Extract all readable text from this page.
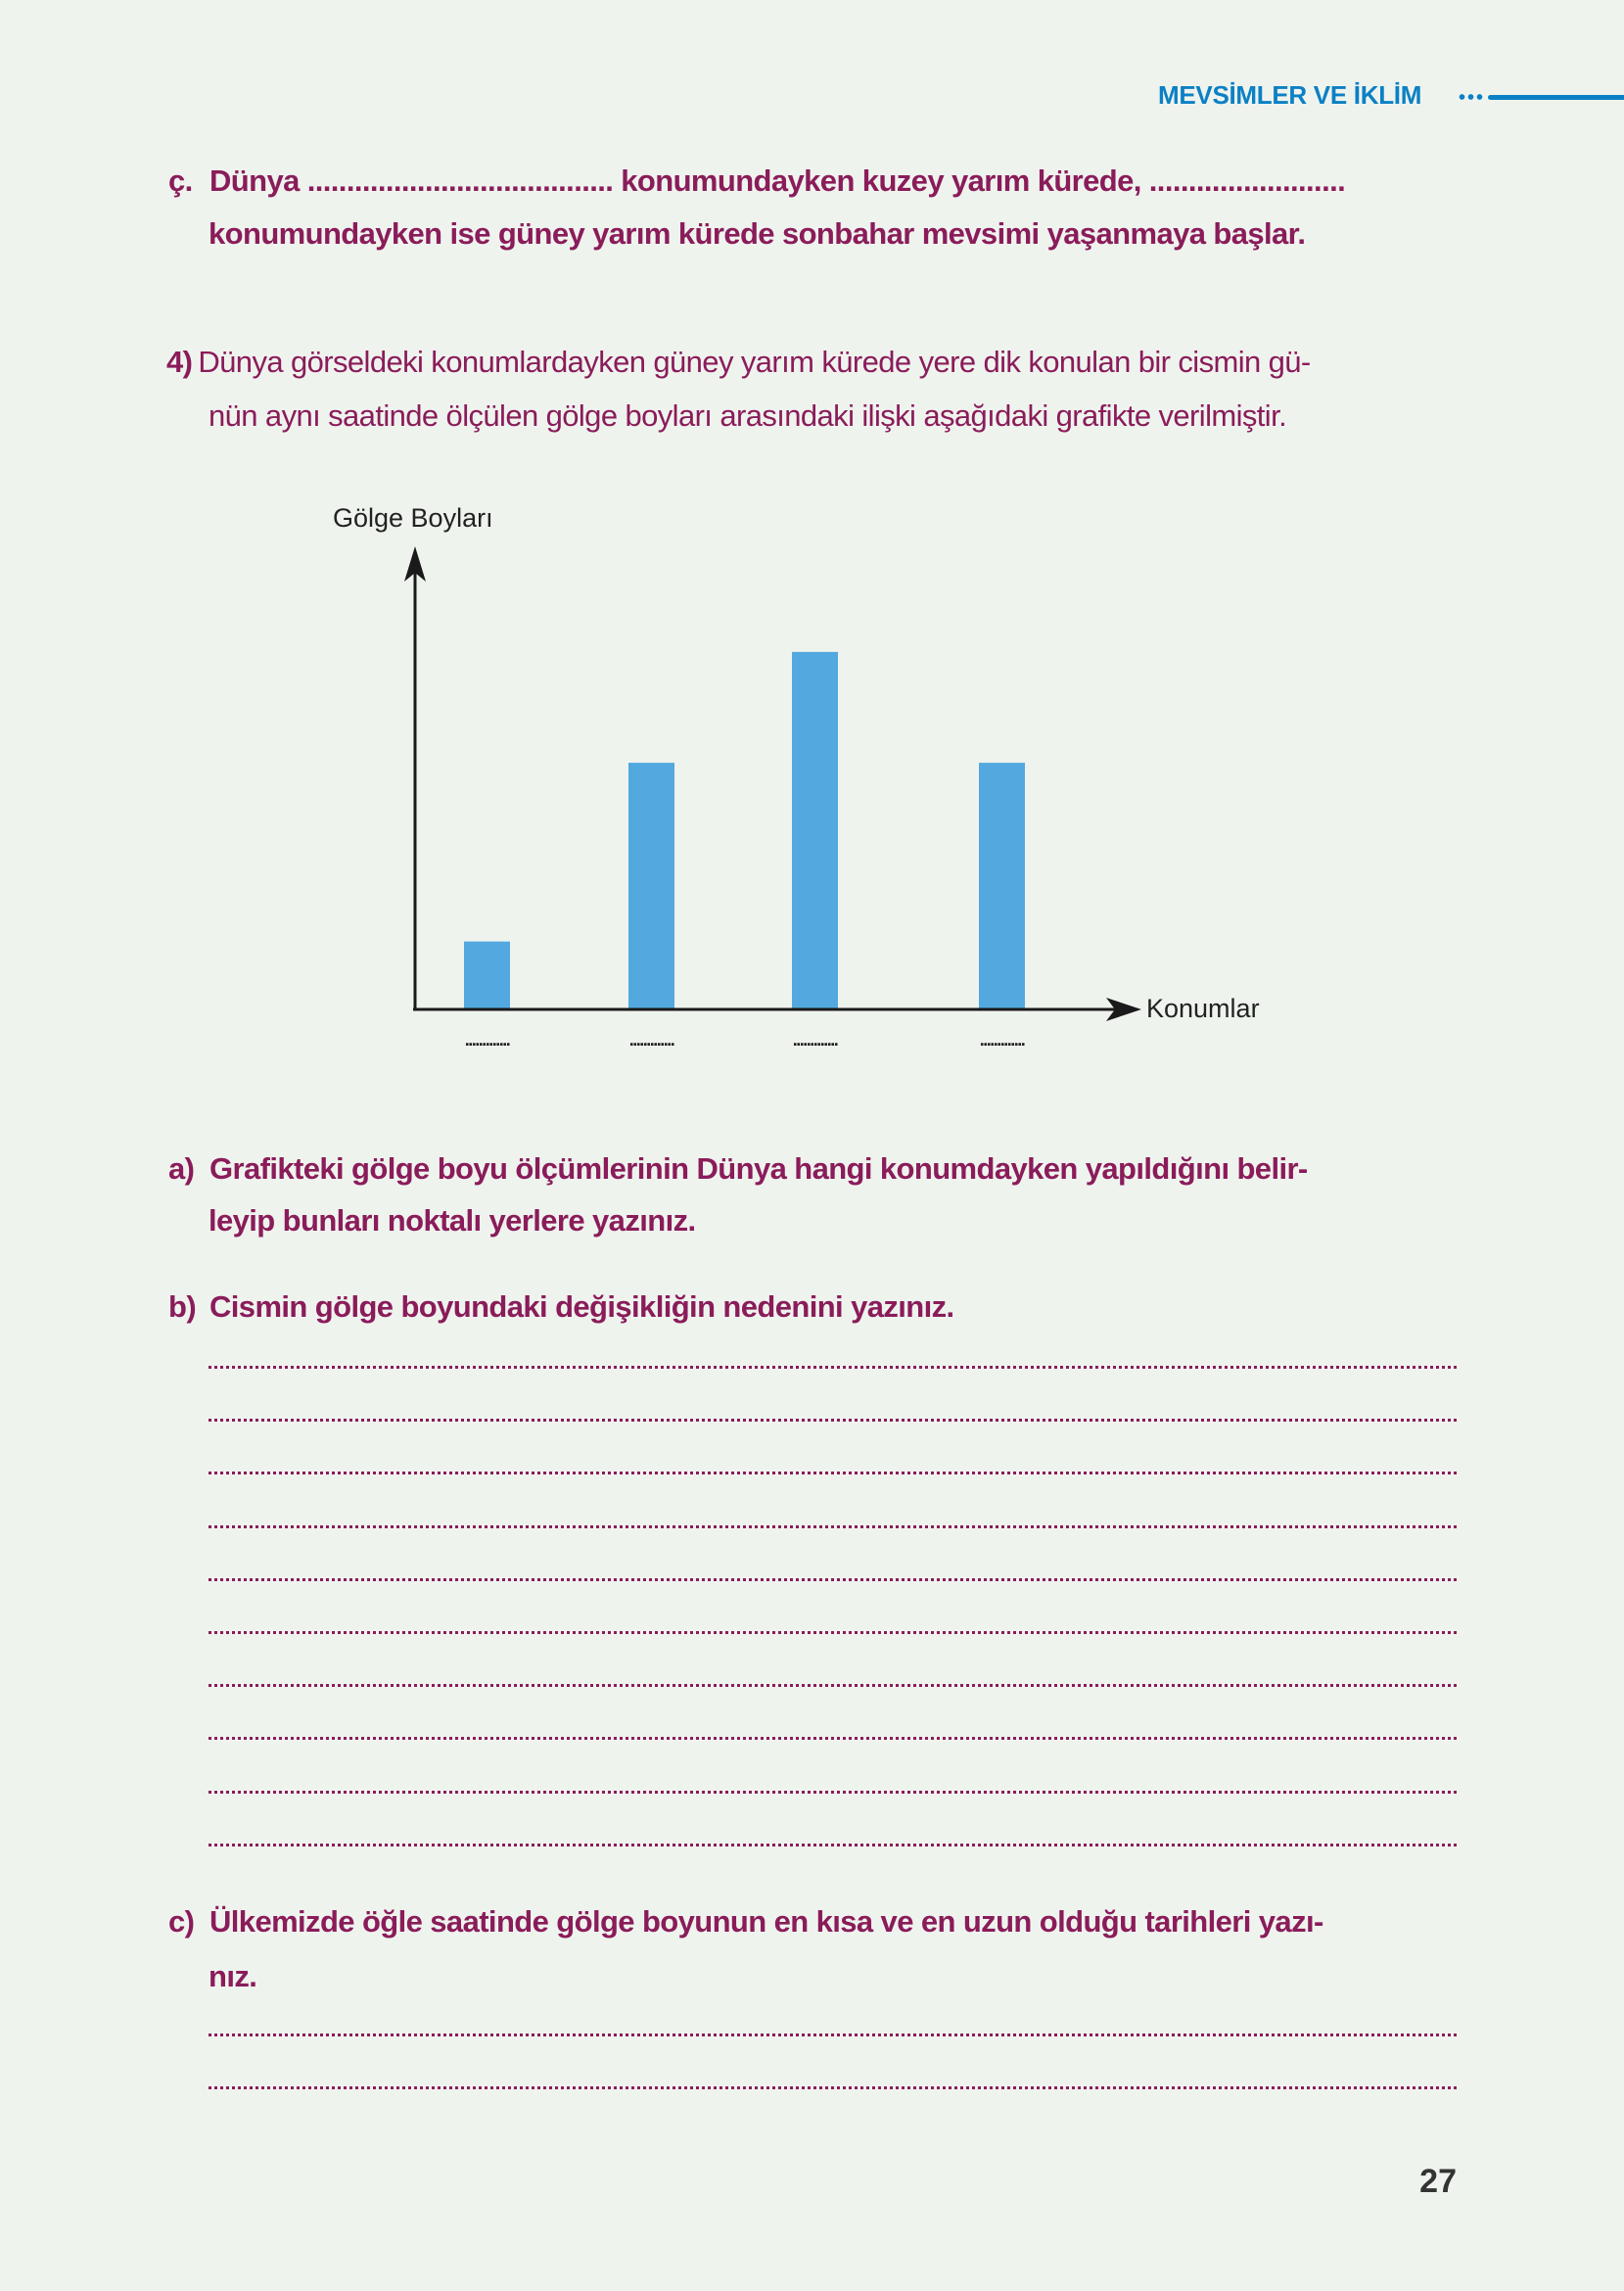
MEVSİMLER VE İKLİM
ç. Dünya ....................................... konumundayken kuzey yarım kürede, .........................
konumundayken ise güney yarım kürede sonbahar mevsimi yaşanmaya başlar.
4) Dünya görseldeki konumlardayken güney yarım kürede yere dik konulan bir cismin gü-
nün aynı saatinde ölçülen gölge boyları arasındaki ilişki aşağıdaki grafikte verilmiştir.
Gölge Boyları
Konumlar
.............	.............	.............	.............
a) Grafikteki gölge boyu ölçümlerinin Dünya hangi konumdayken yapıldığını belir-
leyip bunları noktalı yerlere yazınız.
b) Cismin gölge boyundaki değişikliğin nedenini yazınız.
c) Ülkemizde öğle saatinde gölge boyunun en kısa ve en uzun olduğu tarihleri yazı-
nız.
27
